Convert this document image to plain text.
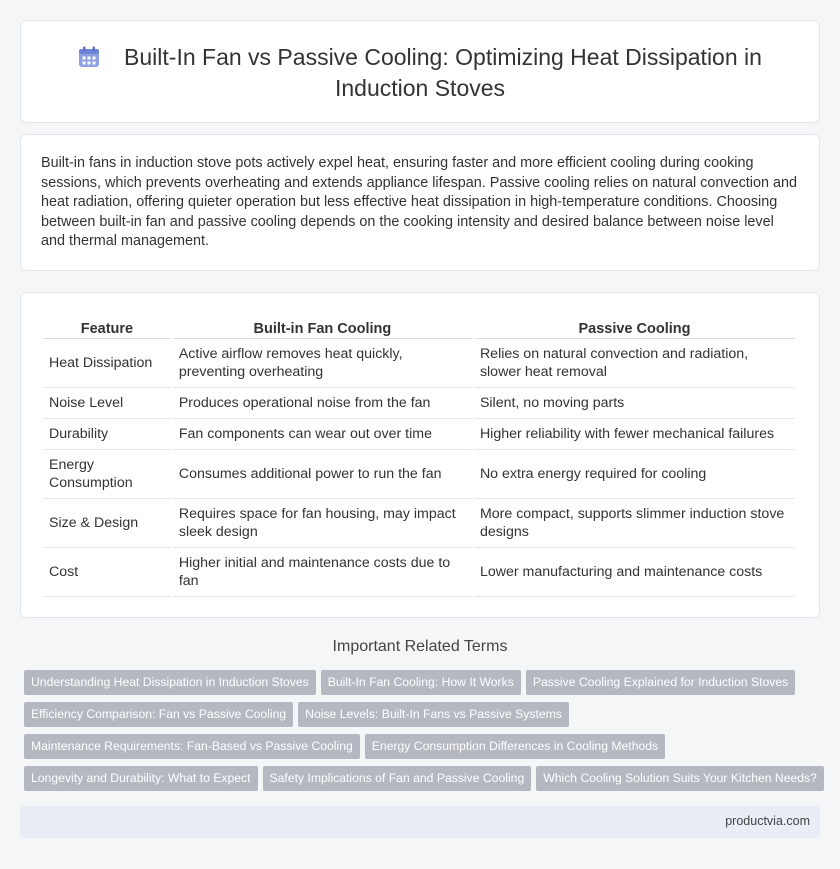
Built-In Fan vs Passive Cooling: Optimizing Heat Dissipation in
Induction Stoves

Built-in fans in induction stove pots actively expel heat, ensuring faster and more efficient cooling during cooking sessions, which prevents overheating and extends appliance lifespan. Passive cooling relies on natural convection and heat radiation, offering quieter operation but less effective heat dissipation in high-temperature conditions. Choosing between built-in fan and passive cooling depends on the cooking intensity and desired balance between noise level and thermal management.

Feature	Built-in Fan Cooling	Passive Cooling
Heat Dissipation	Active airflow removes heat quickly, preventing overheating	Relies on natural convection and radiation, slower heat removal
Noise Level	Produces operational noise from the fan	Silent, no moving parts
Durability	Fan components can wear out over time	Higher reliability with fewer mechanical failures
Energy Consumption	Consumes additional power to run the fan	No extra energy required for cooling
Size & Design	Requires space for fan housing, may impact sleek design	More compact, supports slimmer induction stove designs
Cost	Higher initial and maintenance costs due to fan	Lower manufacturing and maintenance costs
Important Related Terms
Understanding Heat Dissipation in Induction Stoves Built-In Fan Cooling: How It Works Passive Cooling Explained for Induction Stoves
Efficiency Comparison: Fan vs Passive Cooling Noise Levels: Built-In Fans vs Passive Systems
Maintenance Requirements: Fan-Based vs Passive Cooling Energy Consumption Differences in Cooling Methods
Longevity and Durability: What to Expect Safety Implications of Fan and Passive Cooling Which Cooling Solution Suits Your Kitchen Needs?
productvia.com
